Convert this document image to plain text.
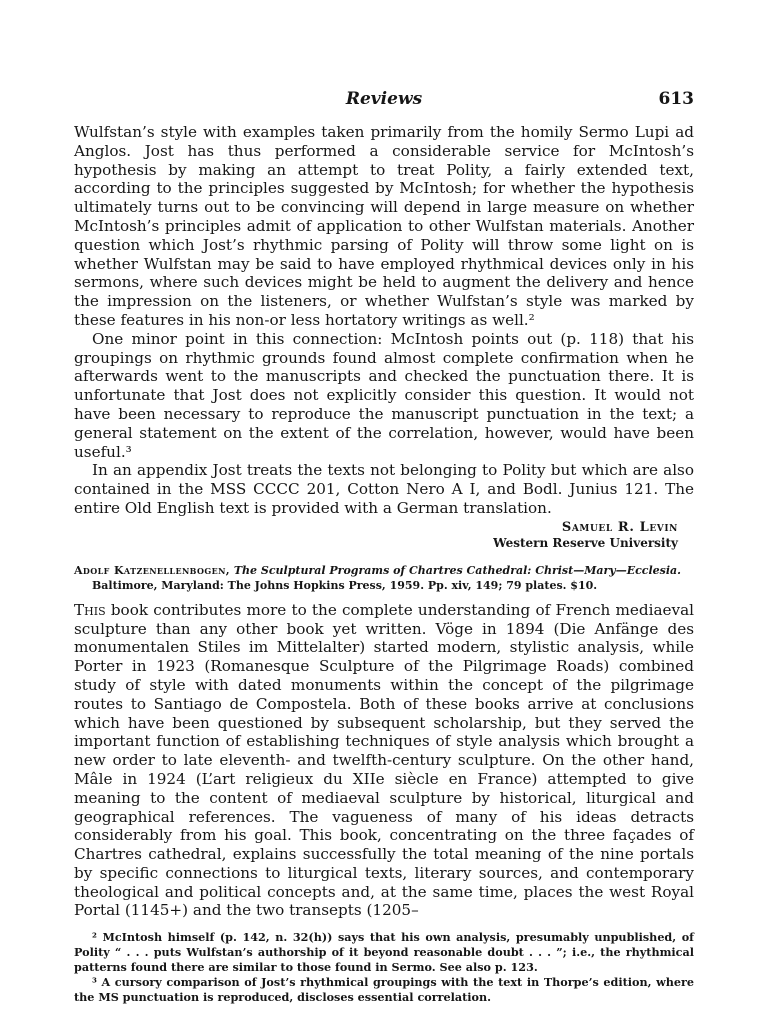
Reviews	613

Wulfstan’s style with examples taken primarily from the homily Sermo Lupi ad Anglos. Jost has thus performed a considerable service for McIntosh’s hypothesis by making an attempt to treat Polity, a fairly extended text, according to the principles suggested by McIntosh; for whether the hypothesis ultimately turns out to be convincing will depend in large measure on whether McIntosh’s principles admit of application to other Wulfstan materials. Another question which Jost’s rhythmic parsing of Polity will throw some light on is whether Wulfstan may be said to have employed rhythmical devices only in his sermons, where such devices might be held to augment the delivery and hence the impression on the listeners, or whether Wulfstan’s style was marked by these features in his non-or less hortatory writings as well.²

One minor point in this connection: McIntosh points out (p. 118) that his groupings on rhythmic grounds found almost complete confirmation when he afterwards went to the manuscripts and checked the punctuation there. It is unfortunate that Jost does not explicitly consider this question. It would not have been necessary to reproduce the manuscript punctuation in the text; a general statement on the extent of the correlation, however, would have been useful.³

In an appendix Jost treats the texts not belonging to Polity but which are also contained in the MSS CCCC 201, Cotton Nero A I, and Bodl. Junius 121. The entire Old English text is provided with a German translation.

Samuel R. Levin
Western Reserve University
Adolf Katzenellenbogen, The Sculptural Programs of Chartres Cathedral: Christ—Mary—Ecclesia. Baltimore, Maryland: The Johns Hopkins Press, 1959. Pp. xiv, 149; 79 plates. $10.

This book contributes more to the complete understanding of French mediaeval sculpture than any other book yet written. Vöge in 1894 (Die Anfänge des monumentalen Stiles im Mittelalter) started modern, stylistic analysis, while Porter in 1923 (Romanesque Sculpture of the Pilgrimage Roads) combined study of style with dated monuments within the concept of the pilgrimage routes to Santiago de Compostela. Both of these books arrive at conclusions which have been questioned by subsequent scholarship, but they served the important function of establishing techniques of style analysis which brought a new order to late eleventh- and twelfth-century sculpture. On the other hand, Mâle in 1924 (L’art religieux du XIIe siècle en France) attempted to give meaning to the content of mediaeval sculpture by historical, liturgical and geographical references. The vagueness of many of his ideas detracts considerably from his goal. This book, concentrating on the three façades of Chartres cathedral, explains successfully the total meaning of the nine portals by specific connections to liturgical texts, literary sources, and contemporary theological and political concepts and, at the same time, places the west Royal Portal (1145+) and the two transepts (1205–

² McIntosh himself (p. 142, n. 32(h)) says that his own analysis, presumably unpublished, of Polity “ . . . puts Wulfstan’s authorship of it beyond reasonable doubt . . . ”; i.e., the rhythmical patterns found there are similar to those found in Sermo. See also p. 123.

³ A cursory comparison of Jost’s rhythmical groupings with the text in Thorpe’s edition, where the MS punctuation is reproduced, discloses essential correlation.
